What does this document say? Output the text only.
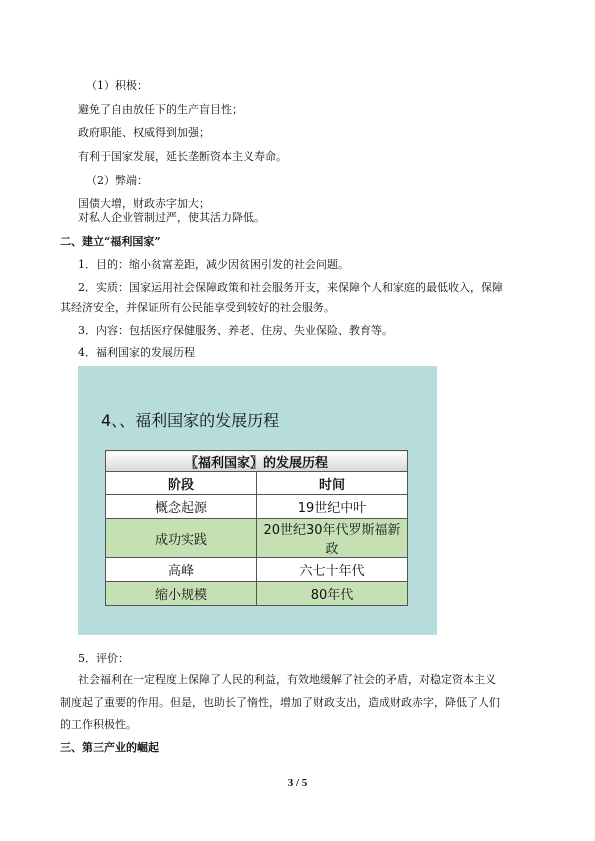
（1）积极：
避免了自由放任下的生产盲目性；
政府职能、权威得到加强；
有利于国家发展，延长垄断资本主义寿命。
（2）弊端：
国债大增，财政赤字加大；
对私人企业管制过严，使其活力降低。
二、建立“福利国家”
1．目的：缩小贫富差距，减少因贫困引发的社会问题。
2．实质：国家运用社会保障政策和社会服务开支，来保障个人和家庭的最低收入，保障
其经济安全，并保证所有公民能享受到较好的社会服务。
3．内容：包括医疗保健服务、养老、住房、失业保险、教育等。
4．福利国家的发展历程
4、、福利国家的发展历程
〖福利国家〗的发展历程	
阶段	时间
概念起源	19世纪中叶
成功实践	20世纪30年代罗斯福新政
高峰	六七十年代
缩小规模	80年代
5．评价：
社会福利在一定程度上保障了人民的利益，有效地缓解了社会的矛盾，对稳定资本主义
制度起了重要的作用。但是，也助长了惰性，增加了财政支出，造成财政赤字，降低了人们
的工作积极性。
三、第三产业的崛起
3 / 5
